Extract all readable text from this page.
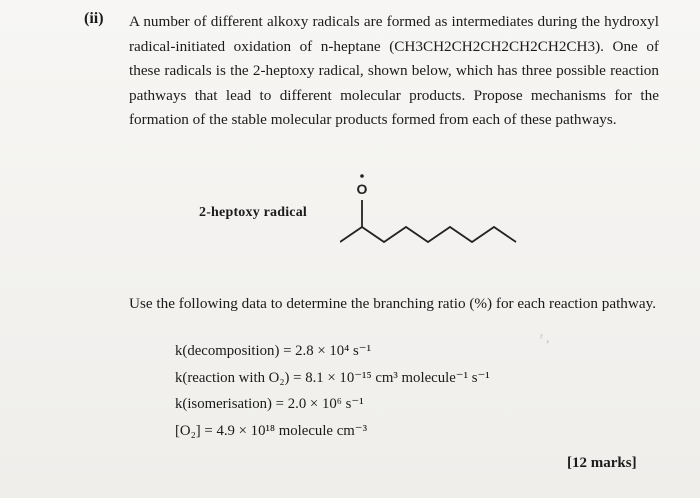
(ii) A number of different alkoxy radicals are formed as intermediates during the hydroxyl radical-initiated oxidation of n-heptane (CH3CH2CH2CH2CH2CH2CH3). One of these radicals is the 2-heptoxy radical, shown below, which has three possible reaction pathways that lead to different molecular products. Propose mechanisms for the formation of the stable molecular products formed from each of these pathways.

2-heptoxy radical
O
Use the following data to determine the branching ratio (%) for each reaction pathway.
k(decomposition) = 2.8 × 10⁴ s⁻¹
k(reaction with O₂) = 8.1 × 10⁻¹⁵ cm³ molecule⁻¹ s⁻¹
k(isomerisation) = 2.0 × 10⁶ s⁻¹
[O₂] = 4.9 × 10¹⁸ molecule cm⁻³
ʳ ,
[12 marks]
